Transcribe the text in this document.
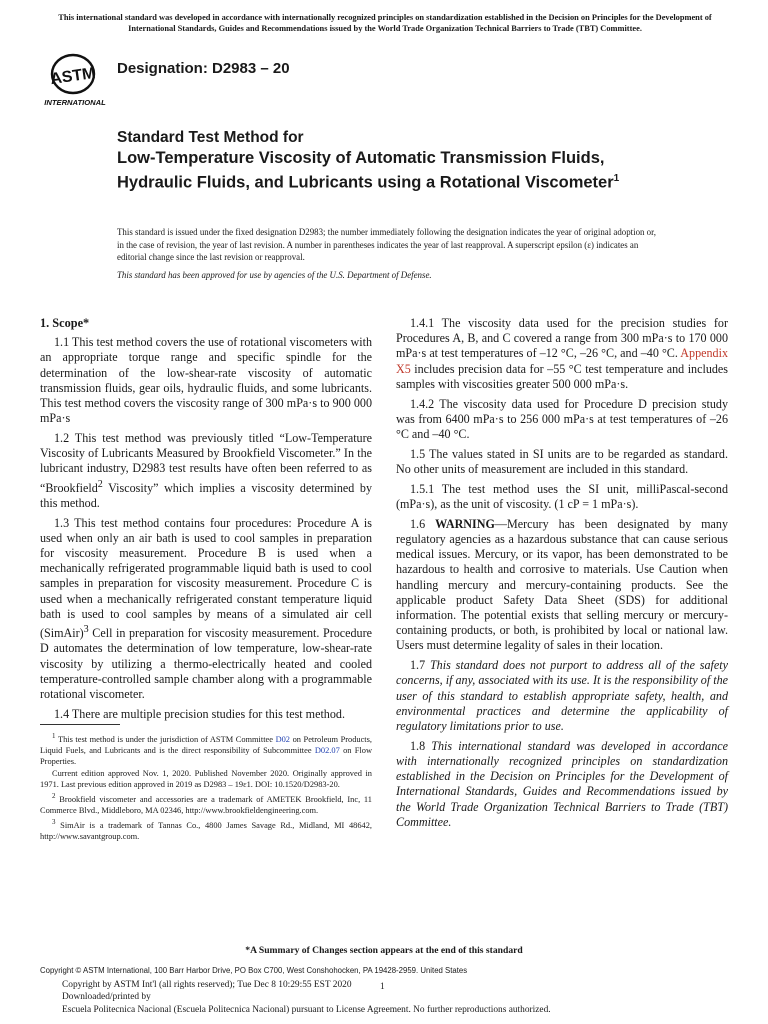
This international standard was developed in accordance with internationally recognized principles on standardization established in the Decision on Principles for the Development of International Standards, Guides and Recommendations issued by the World Trade Organization Technical Barriers to Trade (TBT) Committee.
ASTM
INTERNATIONAL
Designation: D2983 – 20
Standard Test Method for
Low-Temperature Viscosity of Automatic Transmission Fluids, Hydraulic Fluids, and Lubricants using a Rotational Viscometer$^1$
This standard is issued under the fixed designation D2983; the number immediately following the designation indicates the year of original adoption or, in the case of revision, the year of last revision. A number in parentheses indicates the year of last reapproval. A superscript epsilon (ε) indicates an editorial change since the last revision or reapproval.
This standard has been approved for use by agencies of the U.S. Department of Defense.
1. Scope*

1.1 This test method covers the use of rotational viscometers with an appropriate torque range and specific spindle for the determination of the low-shear-rate viscosity of automatic transmission fluids, gear oils, hydraulic fluids, and some lubricants. This test method covers the viscosity range of 300 mPa·s to 900 000 mPa·s

1.2 This test method was previously titled “Low-Temperature Viscosity of Lubricants Measured by Brookfield Viscometer.” In the lubricant industry, D2983 test results have often been referred to as “Brookfield$^2$ Viscosity” which implies a viscosity determined by this method.

1.3 This test method contains four procedures: Procedure A is used when only an air bath is used to cool samples in preparation for viscosity measurement. Procedure B is used when a mechanically refrigerated programmable liquid bath is used to cool samples in preparation for viscosity measurement. Procedure C is used when a mechanically refrigerated constant temperature liquid bath is used to cool samples by means of a simulated air cell (SimAir)$^3$ Cell in preparation for viscosity measurement. Procedure D automates the determination of low temperature, low-shear-rate viscosity by utilizing a thermo-electrically heated and cooled temperature-controlled sample chamber along with a programmable rotational viscometer.

1.4 There are multiple precision studies for this test method.

1.4.1 The viscosity data used for the precision studies for Procedures A, B, and C covered a range from 300 mPa·s to 170 000 mPa·s at test temperatures of –12 °C, –26 °C, and –40 °C. Appendix X5 includes precision data for –55 °C test temperature and includes samples with viscosities greater 500 000 mPa·s.

1.4.2 The viscosity data used for Procedure D precision study was from 6400 mPa·s to 256 000 mPa·s at test temperatures of –26 °C and –40 °C.

1.5 The values stated in SI units are to be regarded as standard. No other units of measurement are included in this standard.

1.5.1 The test method uses the SI unit, milliPascal-second (mPa·s), as the unit of viscosity. (1 cP = 1 mPa·s).

1.6 WARNING—Mercury has been designated by many regulatory agencies as a hazardous substance that can cause serious medical issues. Mercury, or its vapor, has been demonstrated to be hazardous to health and corrosive to materials. Use Caution when handling mercury and mercury-containing products. See the applicable product Safety Data Sheet (SDS) for additional information. The potential exists that selling mercury or mercury-containing products, or both, is prohibited by local or national law. Users must determine legality of sales in their location.

1.7 This standard does not purport to address all of the safety concerns, if any, associated with its use. It is the responsibility of the user of this standard to establish appropriate safety, health, and environmental practices and determine the applicability of regulatory limitations prior to use.

1.8 This international standard was developed in accordance with internationally recognized principles on standardization established in the Decision on Principles for the Development of International Standards, Guides and Recommendations issued by the World Trade Organization Technical Barriers to Trade (TBT) Committee.

$^1$ This test method is under the jurisdiction of ASTM Committee D02 on Petroleum Products, Liquid Fuels, and Lubricants and is the direct responsibility of Subcommittee D02.07 on Flow Properties.

Current edition approved Nov. 1, 2020. Published November 2020. Originally approved in 1971. Last previous edition approved in 2019 as D2983 – 19ε1. DOI: 10.1520/D2983-20.

$^2$ Brookfield viscometer and accessories are a trademark of AMETEK Brookfield, Inc, 11 Commerce Blvd., Middleboro, MA 02346, http://www.brookfieldengineering.com.

$^3$ SimAir is a trademark of Tannas Co., 4800 James Savage Rd., Midland, MI 48642, http://www.savantgroup.com.

*A Summary of Changes section appears at the end of this standard
Copyright © ASTM International, 100 Barr Harbor Drive, PO Box C700, West Conshohocken, PA 19428-2959. United States
Copyright by ASTM Int'l (all rights reserved); Tue Dec 8 10:29:55 EST 2020
Downloaded/printed by
Escuela Politecnica Nacional (Escuela Politecnica Nacional) pursuant to License Agreement. No further reproductions authorized.
1
